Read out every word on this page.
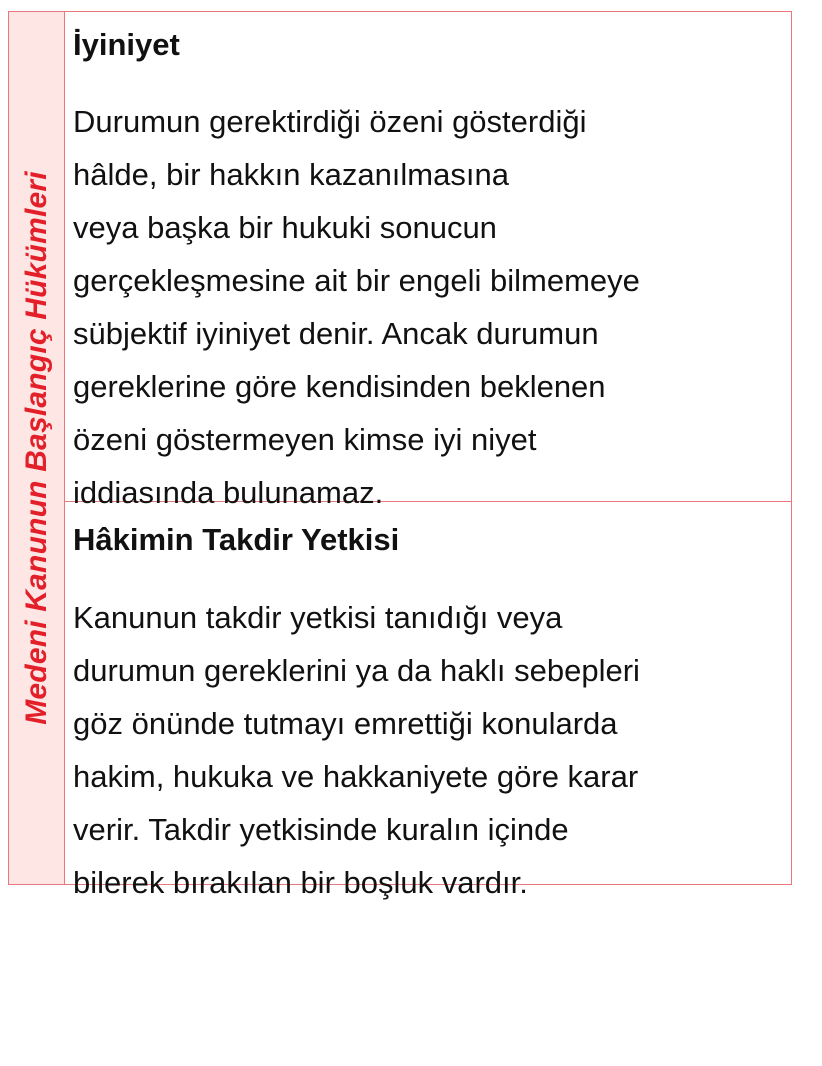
Medeni Kanunun Başlangıç Hükümleri

İyiniyet

Durumun gerektirdiği özeni gösterdiği
hâlde, bir hakkın kazanılmasına
veya başka bir hukuki sonucun
gerçekleşmesine ait bir engeli bilmemeye
sübjektif iyiniyet denir. Ancak durumun
gereklerine göre kendisinden beklenen
özeni göstermeyen kimse iyi niyet
iddiasında bulunamaz.

Hâkimin Takdir Yetkisi

Kanunun takdir yetkisi tanıdığı veya
durumun gereklerini ya da haklı sebepleri
göz önünde tutmayı emrettiği konularda
hakim, hukuka ve hakkaniyete göre karar
verir. Takdir yetkisinde kuralın içinde
bilerek bırakılan bir boşluk vardır.
